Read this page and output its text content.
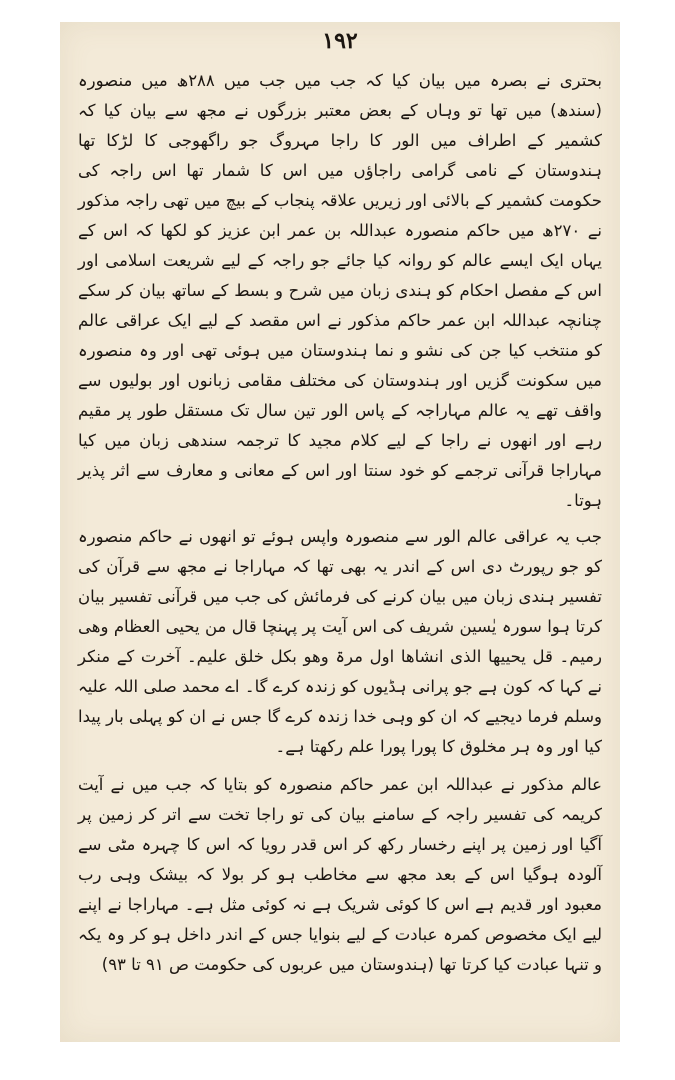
۱۹۲

بحتری نے بصرہ میں بیان کیا کہ جب میں جب میں ۲۸۸ھ میں منصورہ (سندھ) میں تھا تو وہاں کے بعض معتبر بزرگوں نے مجھ سے بیان کیا کہ کشمیر کے اطراف میں الور کا راجا مہروگ جو راگھوجی کا لڑکا تھا ہندوستان کے نامی گرامی راجاؤں میں اس کا شمار تھا اس راجہ کی حکومت کشمیر کے بالائی اور زیریں علاقہ پنجاب کے بیچ میں تھی راجہ مذکور نے ۲۷۰ھ میں حاکم منصورہ عبداللہ بن عمر ابن عزیز کو لکھا کہ اس کے یہاں ایک ایسے عالم کو روانہ کیا جائے جو راجہ کے لیے شریعت اسلامی اور اس کے مفصل احکام کو ہندی زبان میں شرح و بسط کے ساتھ بیان کر سکے چنانچہ عبداللہ ابن عمر حاکم مذکور نے اس مقصد کے لیے ایک عراقی عالم کو منتخب کیا جن کی نشو و نما ہندوستان میں ہوئی تھی اور وہ منصورہ میں سکونت گزیں اور ہندوستان کی مختلف مقامی زبانوں اور بولیوں سے واقف تھے یہ عالم مہاراجہ کے پاس الور تین سال تک مستقل طور پر مقیم رہے اور انھوں نے راجا کے لیے کلام مجید کا ترجمہ سندھی زبان میں کیا مہاراجا قرآنی ترجمے کو خود سنتا اور اس کے معانی و معارف سے اثر پذیر ہوتا۔

جب یہ عراقی عالم الور سے منصورہ واپس ہوئے تو انھوں نے حاکم منصورہ کو جو رپورٹ دی اس کے اندر یہ بھی تھا کہ مہاراجا نے مجھ سے قرآن کی تفسیر ہندی زبان میں بیان کرنے کی فرمائش کی جب میں قرآنی تفسیر بیان کرتا ہوا سورہ یٰسین شریف کی اس آیت پر پہنچا قال من یحیی العظام وھی رمیم۔ قل یحییھا الذی انشاھا اول مرۃ وھو بکل خلق علیم۔ آخرت کے منکر نے کہا کہ کون ہے جو پرانی ہڈیوں کو زندہ کرے گا۔ اے محمد صلی اللہ علیہ وسلم فرما دیجیے کہ ان کو وہی خدا زندہ کرے گا جس نے ان کو پہلی بار پیدا کیا اور وہ ہر مخلوق کا پورا پورا علم رکھتا ہے۔

عالم مذکور نے عبداللہ ابن عمر حاکم منصورہ کو بتایا کہ جب میں نے آیت کریمہ کی تفسیر راجہ کے سامنے بیان کی تو راجا تخت سے اتر کر زمین پر آگیا اور زمین پر اپنے رخسار رکھ کر اس قدر رویا کہ اس کا چہرہ مٹی سے آلودہ ہوگیا اس کے بعد مجھ سے مخاطب ہو کر بولا کہ بیشک وہی رب معبود اور قدیم ہے اس کا کوئی شریک ہے نہ کوئی مثل ہے۔ مہاراجا نے اپنے لیے ایک مخصوص کمرہ عبادت کے لیے بنوایا جس کے اندر داخل ہو کر وہ یکہ و تنہا عبادت کیا کرتا تھا (ہندوستان میں عربوں کی حکومت ص ۹۱ تا ۹۳)
